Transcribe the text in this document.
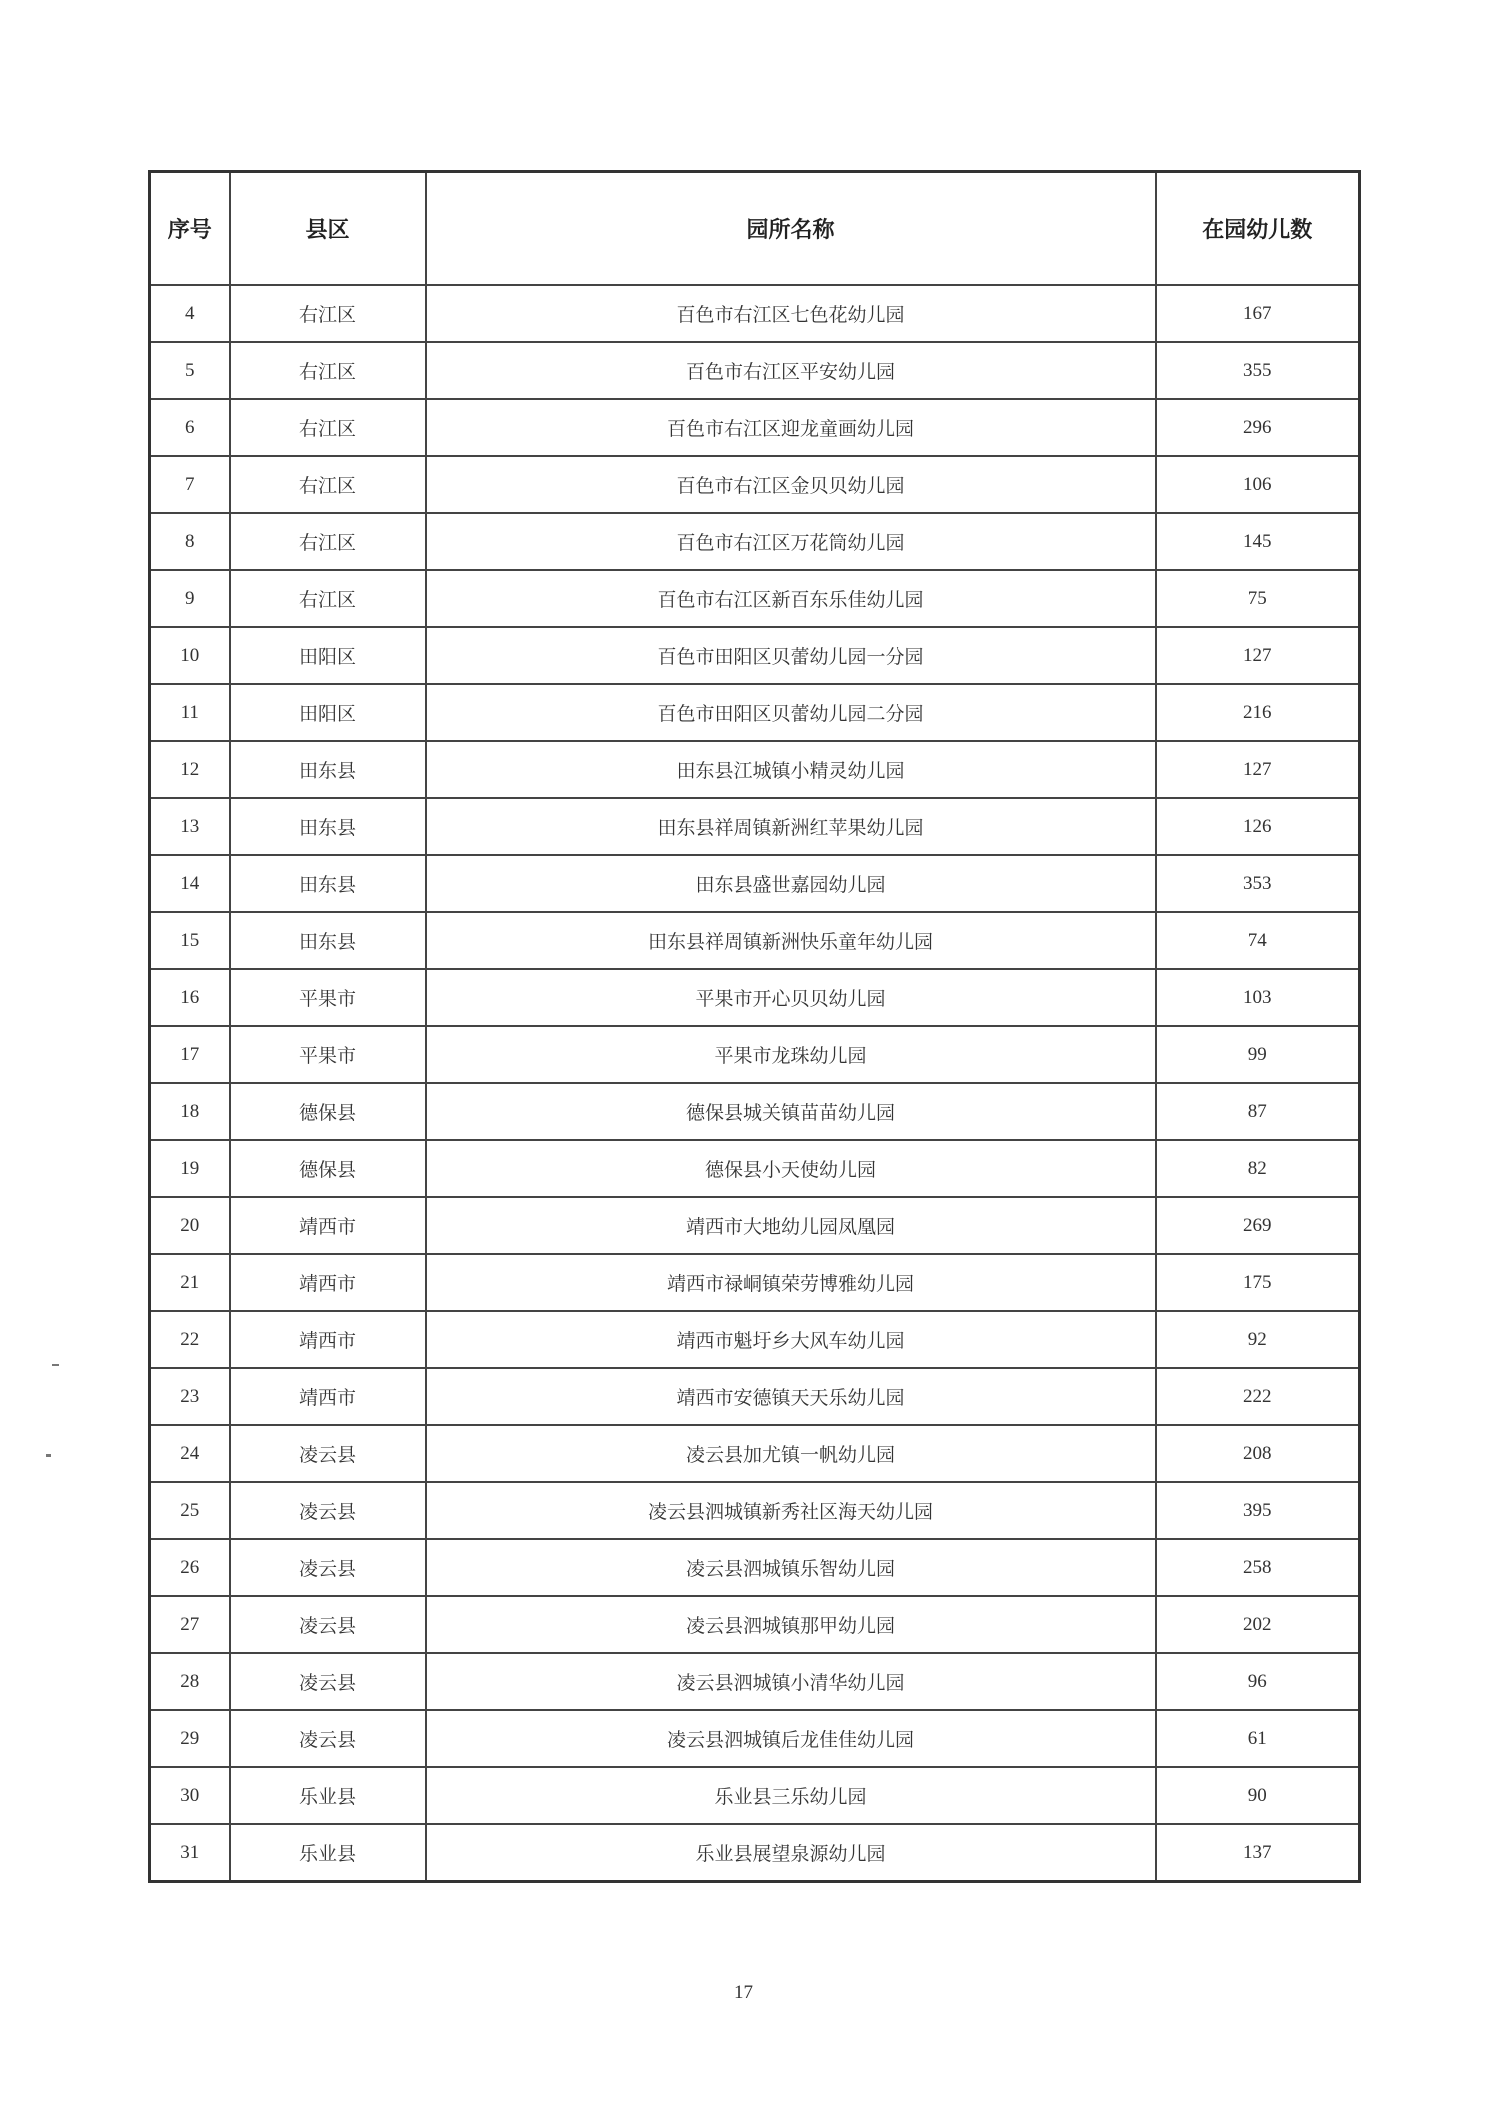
序号	县区	园所名称	在园幼儿数
4	右江区	百色市右江区七色花幼儿园	167
5	右江区	百色市右江区平安幼儿园	355
6	右江区	百色市右江区迎龙童画幼儿园	296
7	右江区	百色市右江区金贝贝幼儿园	106
8	右江区	百色市右江区万花筒幼儿园	145
9	右江区	百色市右江区新百东乐佳幼儿园	75
10	田阳区	百色市田阳区贝蕾幼儿园一分园	127
11	田阳区	百色市田阳区贝蕾幼儿园二分园	216
12	田东县	田东县江城镇小精灵幼儿园	127
13	田东县	田东县祥周镇新洲红苹果幼儿园	126
14	田东县	田东县盛世嘉园幼儿园	353
15	田东县	田东县祥周镇新洲快乐童年幼儿园	74
16	平果市	平果市开心贝贝幼儿园	103
17	平果市	平果市龙珠幼儿园	99
18	德保县	德保县城关镇苗苗幼儿园	87
19	德保县	德保县小天使幼儿园	82
20	靖西市	靖西市大地幼儿园凤凰园	269
21	靖西市	靖西市禄峒镇荣劳博雅幼儿园	175
22	靖西市	靖西市魁圩乡大风车幼儿园	92
23	靖西市	靖西市安德镇天天乐幼儿园	222
24	凌云县	凌云县加尤镇一帆幼儿园	208
25	凌云县	凌云县泗城镇新秀社区海天幼儿园	395
26	凌云县	凌云县泗城镇乐智幼儿园	258
27	凌云县	凌云县泗城镇那甲幼儿园	202
28	凌云县	凌云县泗城镇小清华幼儿园	96
29	凌云县	凌云县泗城镇后龙佳佳幼儿园	61
30	乐业县	乐业县三乐幼儿园	90
31	乐业县	乐业县展望泉源幼儿园	137
17
